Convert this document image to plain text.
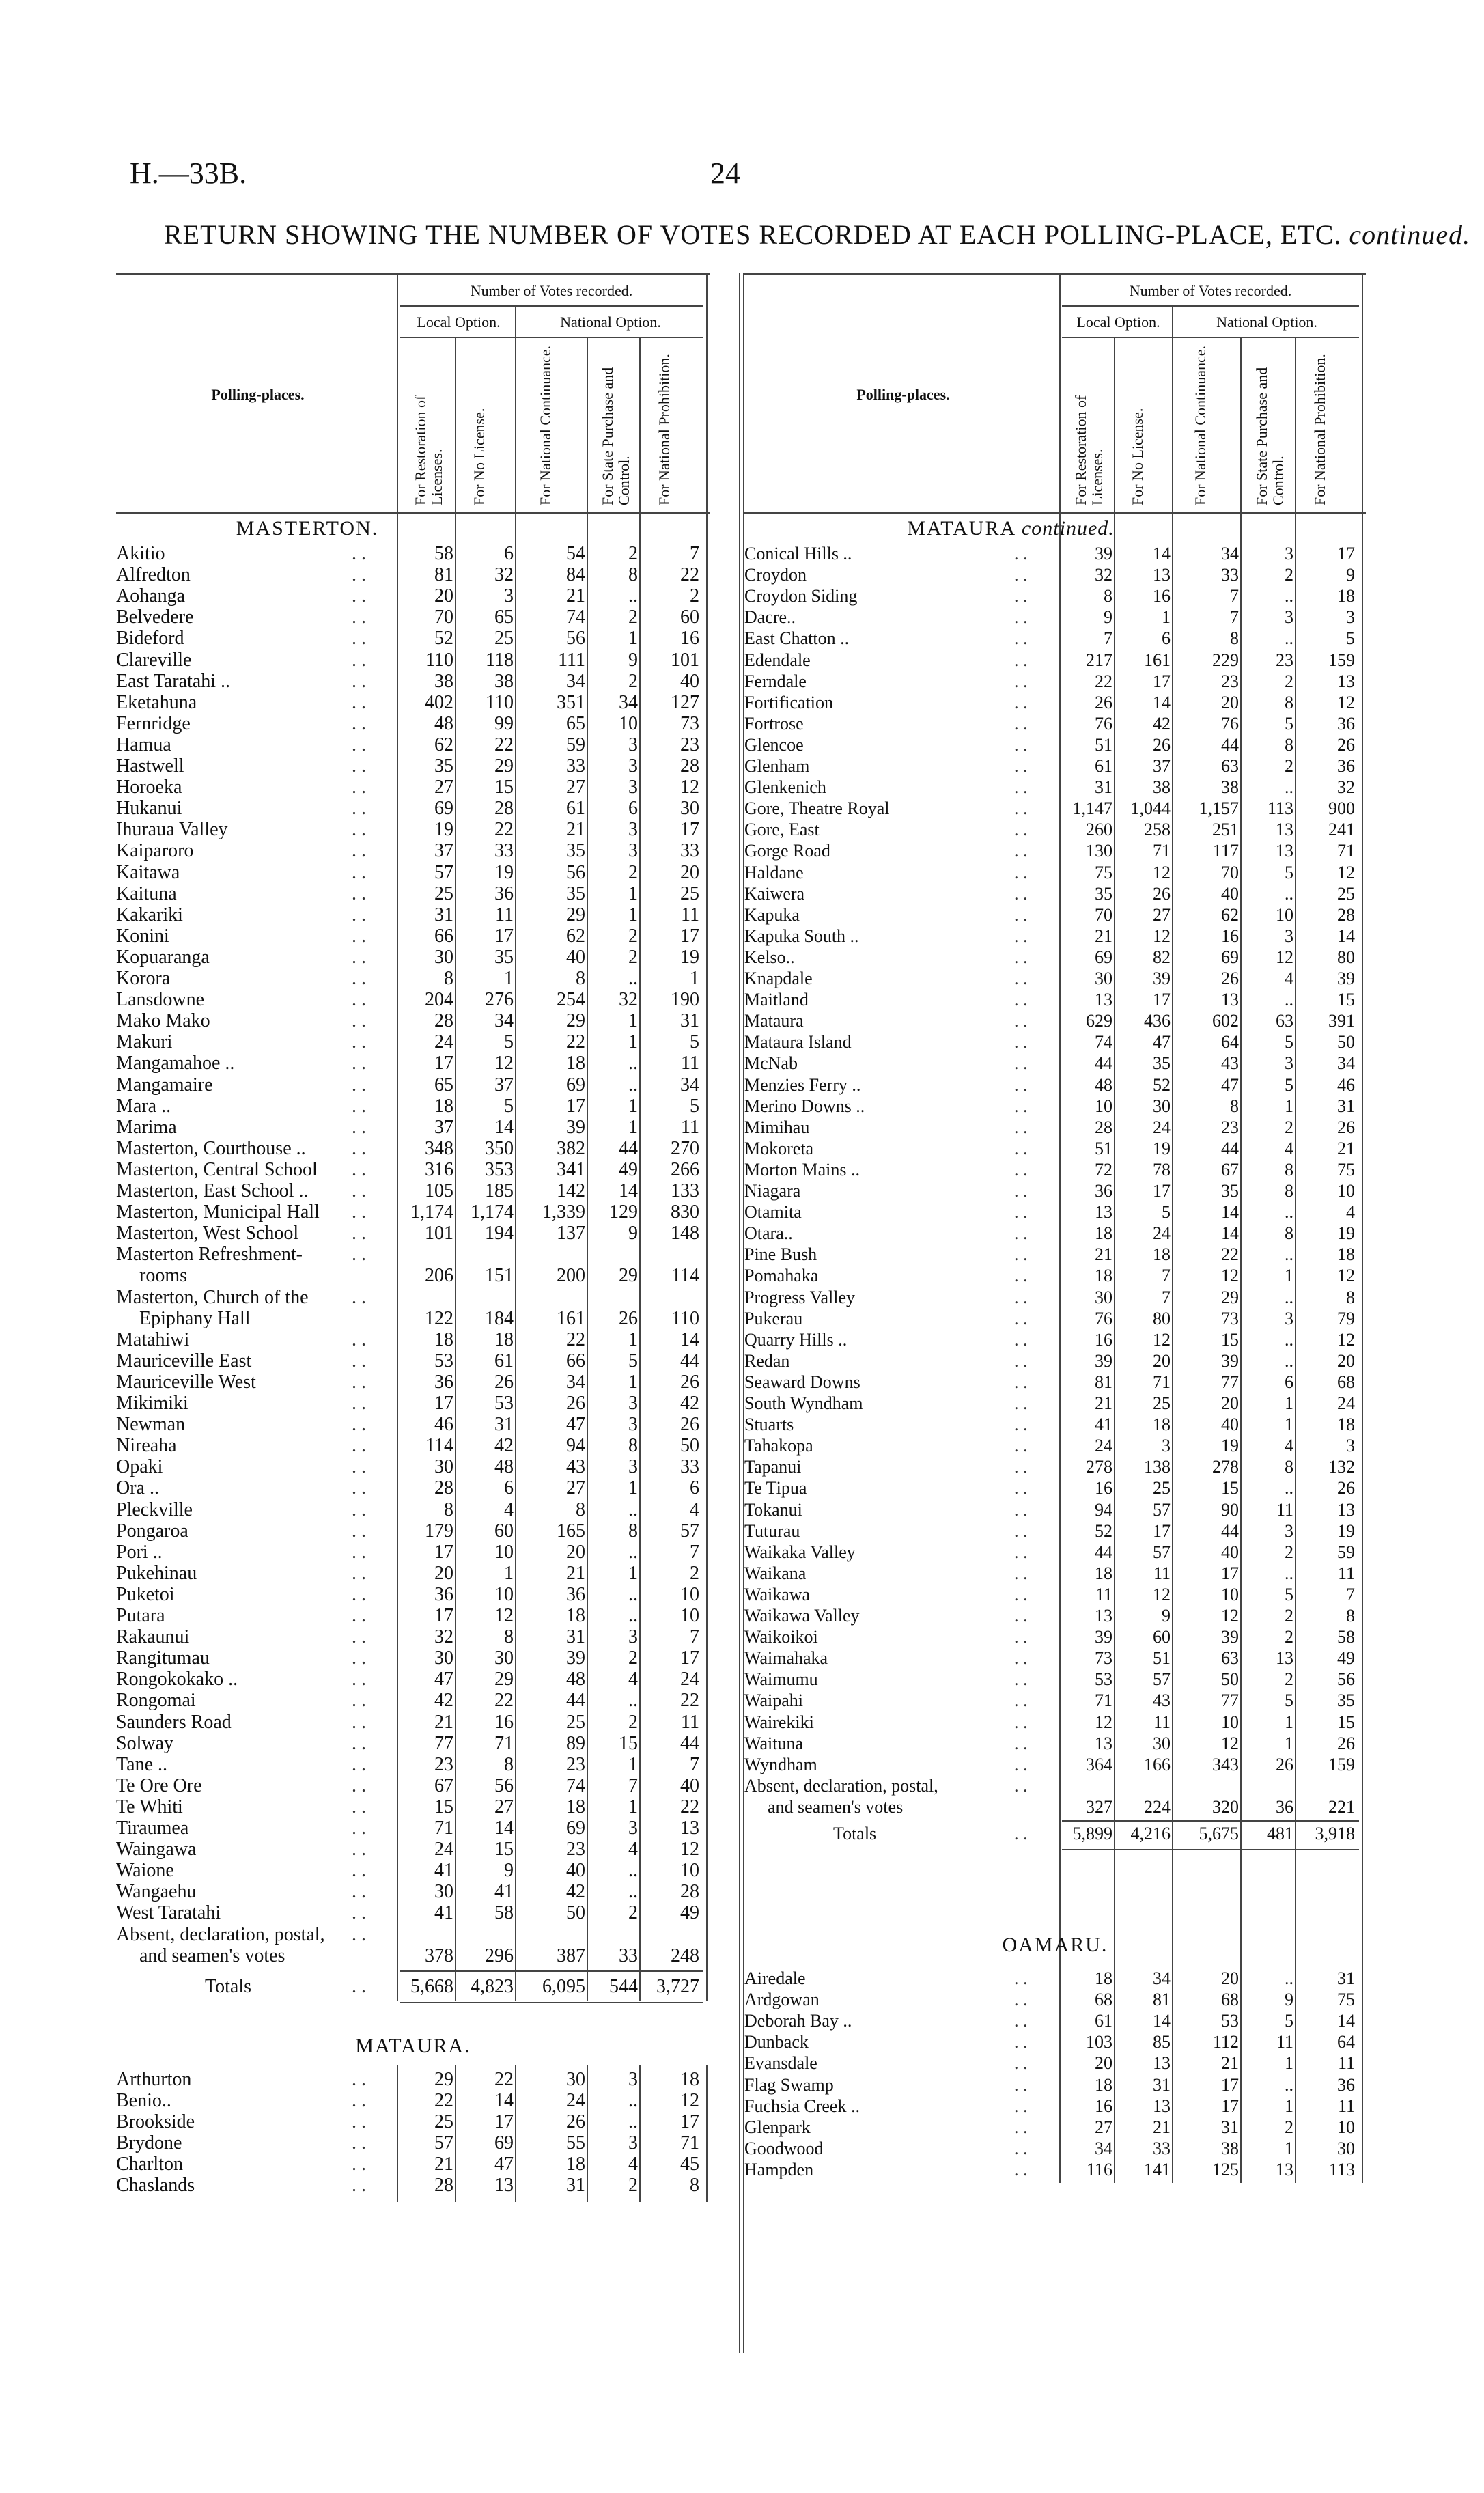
H.—33B.	24
RETURN SHOWING THE NUMBER OF VOTES RECORDED AT EACH POLLING-PLACE, ETC. continued.
Number of Votes recorded.
Local Option.	National Option.
Polling-places.
For Restoration of Licenses. For No License.	For National Continuance.	For State Purchase and Control. For National Prohibition.
MASTERTON.
Akitio	. .	58	6	54	2	7
Alfredton	. .	81	32	84	8	22
Aohanga	. .	20	3	21	..	2
Belvedere	. .	70	65	74	2	60
Bideford	. .	52	25	56	1	16
Clareville	. .	110	118	111	9	101
East Taratahi ..	. .	38	38	34	2	40
Eketahuna	. .	402	110	351	34	127
Fernridge	. .	48	99	65	10	73
Hamua	. .	62	22	59	3	23
Hastwell	. .	35	29	33	3	28
Horoeka	. .	27	15	27	3	12
Hukanui	. .	69	28	61	6	30
Ihuraua Valley	. .	19	22	21	3	17
Kaiparoro	. .	37	33	35	3	33
Kaitawa	. .	57	19	56	2	20
Kaituna	. .	25	36	35	1	25
Kakariki	. .	31	11	29	1	11
Konini	. .	66	17	62	2	17
Kopuaranga	. .	30	35	40	2	19
Korora	. .	8	1	8	..	1
Lansdowne	. .	204	276	254	32	190
Mako Mako	. .	28	34	29	1	31
Makuri	. .	24	5	22	1	5
Mangamahoe ..	. .	17	12	18	..	11
Mangamaire	. .	65	37	69	..	34
Mara ..	. .	18	5	17	1	5
Marima	. .	37	14	39	1	11
Masterton, Courthouse .. . .	348	350	382	44	270
Masterton, Central School . .	316	353	341	49	266
Masterton, East School .. . .	105	185	142	14	133
Masterton, Municipal Hall . .	1,174 1,174	1,339	129	830
Masterton, West School	. .	101	194	137	9	148
Masterton Refreshment-	. .
206	151	200	29	114
rooms
Masterton, Church of the . .
122	184	161	26	110
Epiphany Hall
Matahiwi	. .	18	18	22	1	14
Mauriceville East	. .	53	61	66	5	44
Mauriceville West	. .	36	26	34	1	26
Mikimiki	. .	17	53	26	3	42
Newman	. .	46	31	47	3	26
Nireaha	. .	114	42	94	8	50
Opaki	. .	30	48	43	3	33
Ora ..	. .	28	6	27	1	6
Pleckville	. .	8	4	8	..	4
Pongaroa	. .	179	60	165	8	57
Pori ..	. .	17	10	20	..	7
Pukehinau	. .	20	1	21	1	2
Puketoi	. .	36	10	36	..	10
Putara	. .	17	12	18	..	10
Rakaunui	. .	32	8	31	3	7
Rangitumau	. .	30	30	39	2	17
Rongokokako ..	. .	47	29	48	4	24
Rongomai	. .	42	22	44	..	22
Saunders Road	. .	21	16	25	2	11
Solway	. .	77	71	89	15	44
Tane ..	. .	23	8	23	1	7
Te Ore Ore	. .	67	56	74	7	40
Te Whiti	. .	15	27	18	1	22
Tiraumea	. .	71	14	69	3	13
Waingawa	. .	24	15	23	4	12
Waione	. .	41	9	40	..	10
Wangaehu	. .	30	41	42	..	28
West Taratahi	. .	41	58	50	2	49
Absent, declaration, postal, . .
378	296	387	33	248
and seamen's votes
Totals	. .	5,668 4,823	6,095	544 3,727
MATAURA.
Arthurton	. .	29	22	30	3	18
Benio..	. .	22	14	24	..	12
Brookside	. .	25	17	26	..	17
Brydone	. .	57	69	55	3	71
Charlton	. .	21	47	18	4	45
Chaslands	. .	28	13	31	2	8
Number of Votes recorded.
Local Option.	National Option.
Polling-places.
For Restoration of Licenses. For No License.	For National Continuance.	For State Purchase and Control. For National Prohibition.
MATAURA continued.
Conical Hills ..	. .	39	14	34	3	17
Croydon	. .	32	13	33	2	9
Croydon Siding	. .	8	16	7	..	18
Dacre..	. .	9	1	7	3	3
East Chatton ..	. .	7	6	8	..	5
Edendale	. .	217	161	229	23	159
Ferndale	. .	22	17	23	2	13
Fortification	. .	26	14	20	8	12
Fortrose	. .	76	42	76	5	36
Glencoe	. .	51	26	44	8	26
Glenham	. .	61	37	63	2	36
Glenkenich	. .	31	38	38	..	32
Gore, Theatre Royal	. .	1,147	1,044	1,157	113	900
Gore, East	. .	260	258	251	13	241
Gorge Road	. .	130	71	117	13	71
Haldane	. .	75	12	70	5	12
Kaiwera	. .	35	26	40	..	25
Kapuka	. .	70	27	62	10	28
Kapuka South ..	. .	21	12	16	3	14
Kelso..	. .	69	82	69	12	80
Knapdale	. .	30	39	26	4	39
Maitland	. .	13	17	13	..	15
Mataura	. .	629	436	602	63	391
Mataura Island	. .	74	47	64	5	50
McNab	. .	44	35	43	3	34
Menzies Ferry ..	. .	48	52	47	5	46
Merino Downs ..	. .	10	30	8	1	31
Mimihau	. .	28	24	23	2	26
Mokoreta	. .	51	19	44	4	21
Morton Mains ..	. .	72	78	67	8	75
Niagara	. .	36	17	35	8	10
Otamita	. .	13	5	14	..	4
Otara..	. .	18	24	14	8	19
Pine Bush	. .	21	18	22	..	18
Pomahaka	. .	18	7	12	1	12
Progress Valley	. .	30	7	29	..	8
Pukerau	. .	76	80	73	3	79
Quarry Hills ..	. .	16	12	15	..	12
Redan	. .	39	20	39	..	20
Seaward Downs	. .	81	71	77	6	68
South Wyndham	. .	21	25	20	1	24
Stuarts	. .	41	18	40	1	18
Tahakopa	. .	24	3	19	4	3
Tapanui	. .	278	138	278	8	132
Te Tipua	. .	16	25	15	..	26
Tokanui	. .	94	57	90	11	13
Tuturau	. .	52	17	44	3	19
Waikaka Valley	. .	44	57	40	2	59
Waikana	. .	18	11	17	..	11
Waikawa	. .	11	12	10	5	7
Waikawa Valley	. .	13	9	12	2	8
Waikoikoi	. .	39	60	39	2	58
Waimahaka	. .	73	51	63	13	49
Waimumu	. .	53	57	50	2	56
Waipahi	. .	71	43	77	5	35
Wairekiki	. .	12	11	10	1	15
Waituna	. .	13	30	12	1	26
Wyndham	. .	364	166	343	26	159
Absent, declaration, postal,	. .
327	224	320	36	221
and seamen's votes
Totals	. .	5,899	4,216	5,675	481	3,918
OAMARU.
Airedale	. .	18	34	20	..	31
Ardgowan	. .	68	81	68	9	75
Deborah Bay ..	. .	61	14	53	5	14
Dunback	. .	103	85	112	11	64
Evansdale	. .	20	13	21	1	11
Flag Swamp	. .	18	31	17	..	36
Fuchsia Creek ..	. .	16	13	17	1	11
Glenpark	. .	27	21	31	2	10
Goodwood	. .	34	33	38	1	30
Hampden	. .	116	141	125	13	113
